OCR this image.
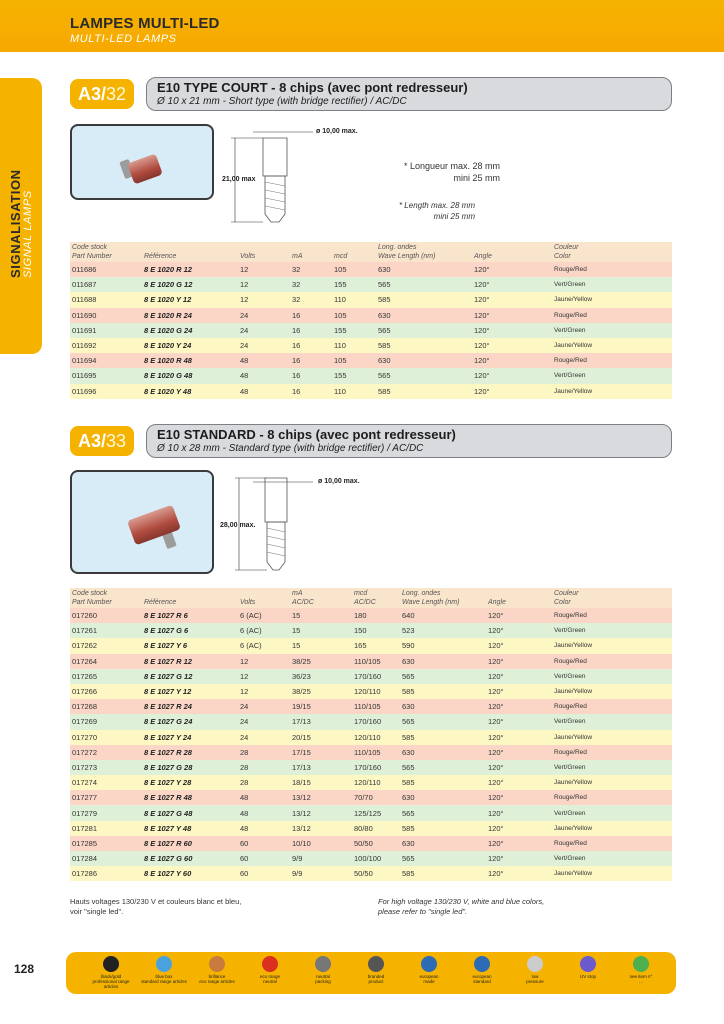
LAMPES MULTI-LED
MULTI-LED LAMPS
SIGNALISATION SIGNAL LAMPS
A3/32	E10 TYPE COURT - 8 chips (avec pont redresseur)
Ø 10 x 21 mm - Short type (with bridge rectifier) / AC/DC
ø 10,00 max.
21,00 max
* Longueur max. 28 mm
mini 25 mm
* Length max. 28 mm
mini 25 mm
Code stock
Part Number	Référence	Volts	mA	mcd	Long. ondes
Wave Length (nm)	Angle	Couleur
Color
011686	8 E 1020 R 12	12	32	105	630	120°	Rouge/Red
011687	8 E 1020 G 12	12	32	155	565	120°	Vert/Green
011688	8 E 1020 Y 12	12	32	110	585	120°	Jaune/Yellow
011690	8 E 1020 R 24	24	16	105	630	120°	Rouge/Red
011691	8 E 1020 G 24	24	16	155	565	120°	Vert/Green
011692	8 E 1020 Y 24	24	16	110	585	120°	Jaune/Yellow
011694	8 E 1020 R 48	48	16	105	630	120°	Rouge/Red
011695	8 E 1020 G 48	48	16	155	565	120°	Vert/Green
011696	8 E 1020 Y 48	48	16	110	585	120°	Jaune/Yellow
A3/33	E10 STANDARD - 8 chips (avec pont redresseur)
Ø 10 x 28 mm - Standard type (with bridge rectifier) / AC/DC
ø 10,00 max.
28,00 max.
Code stock
Part Number	Référence	Volts	mA
AC/DC	mcd
AC/DC	Long. ondes
Wave Length (nm)	Angle	Couleur
Color
017260	8 E 1027 R 6	6 (AC)	15	180	640	120°	Rouge/Red
017261	8 E 1027 G 6	6 (AC)	15	150	523	120°	Vert/Green
017262	8 E 1027 Y 6	6 (AC)	15	165	590	120°	Jaune/Yellow
017264	8 E 1027 R 12	12	38/25	110/105	630	120°	Rouge/Red
017265	8 E 1027 G 12	12	36/23	170/160	565	120°	Vert/Green
017266	8 E 1027 Y 12	12	38/25	120/110	585	120°	Jaune/Yellow
017268	8 E 1027 R 24	24	19/15	110/105	630	120°	Rouge/Red
017269	8 E 1027 G 24	24	17/13	170/160	565	120°	Vert/Green
017270	8 E 1027 Y 24	24	20/15	120/110	585	120°	Jaune/Yellow
017272	8 E 1027 R 28	28	17/15	110/105	630	120°	Rouge/Red
017273	8 E 1027 G 28	28	17/13	170/160	565	120°	Vert/Green
017274	8 E 1027 Y 28	28	18/15	120/110	585	120°	Jaune/Yellow
017277	8 E 1027 R 48	48	13/12	70/70	630	120°	Rouge/Red
017279	8 E 1027 G 48	48	13/12	125/125	565	120°	Vert/Green
017281	8 E 1027 Y 48	48	13/12	80/80	585	120°	Jaune/Yellow
017285	8 E 1027 R 60	60	10/10	50/50	630	120°	Rouge/Red
017284	8 E 1027 G 60	60	9/9	100/100	565	120°	Vert/Green
017286	8 E 1027 Y 60	60	9/9	50/50	585	120°	Jaune/Yellow
Hauts voltages 130/230 V et couleurs blanc et bleu,
voir "single led".
For high voltage 130/230 V, white and blue colors,
please refer to "single led".
128
black/gold
professional range articles
blue box
standard range articles
brillance
eco range articles
eco range
neutral
neutral
packing
branded
product
european
made
european
standard
low
pressure
UV stop	see item n°
...
